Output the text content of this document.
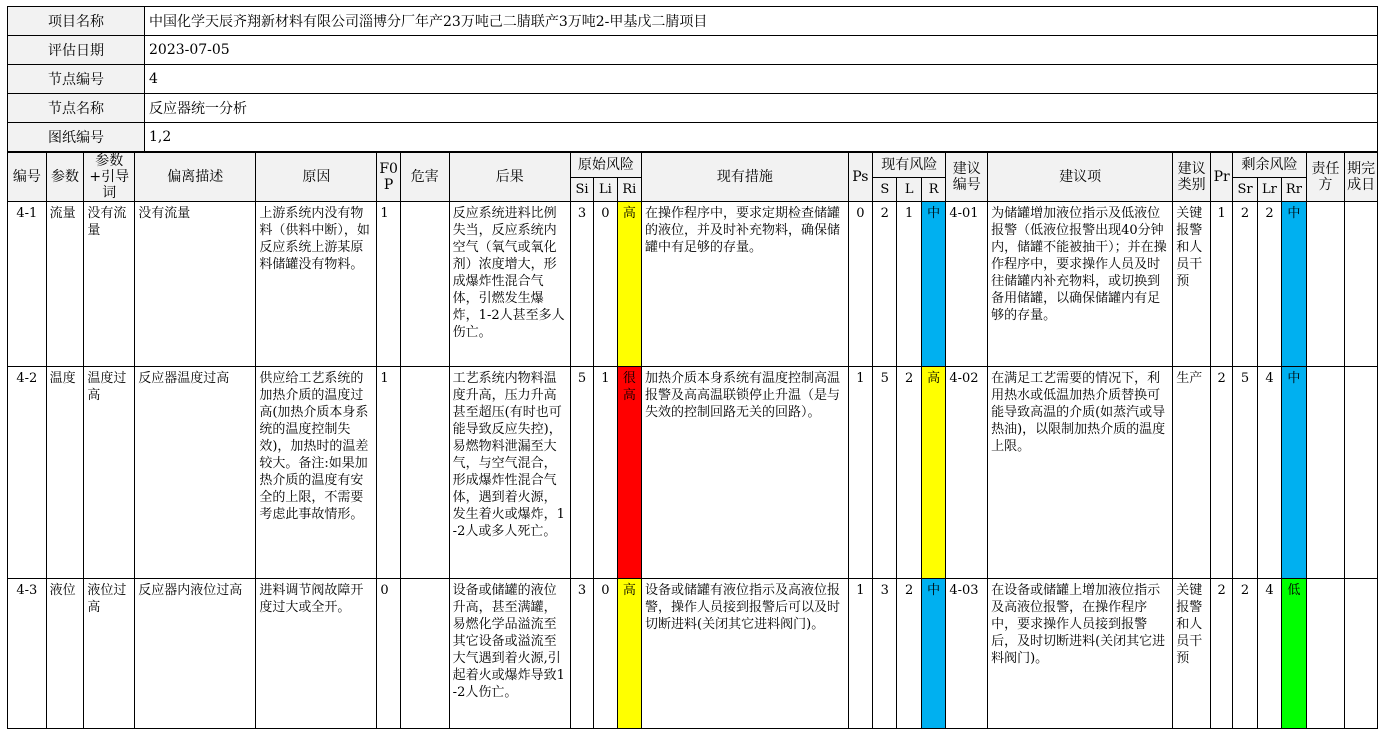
项目名称	中国化学天辰齐翔新材料有限公司淄博分厂年产23万吨己二腈联产3万吨2-甲基戊二腈项目
评估日期	2023-07-05
节点编号	4
节点名称	反应器统一分析
图纸编号	1,2
编号	参数	参数+引导词	偏离描述	原因	F0P	危害	后果	原始风险			现有措施	Ps	现有风险			建议编号	建议项	建议类别	Pr	剩余风险			责任方	期完成日
								Si	Li	Ri			S	L	R					Sr	Lr	Rr		
4-1	流量	没有流量	没有流量	上游系统内没有物料（供料中断），如反应系统上游某原料储罐没有物料。	1		反应系统进料比例失当，反应系统内空气（氧气或氧化剂）浓度增大，形成爆炸性混合气体，引燃发生爆炸，1-2人甚至多人伤亡。	3	0	高	在操作程序中，要求定期检查储罐的液位，并及时补充物料，确保储罐中有足够的存量。	0	2	1	中	4-01	为储罐增加液位指示及低液位报警（低液位报警出现40分钟内，储罐不能被抽干）；并在操作程序中，要求操作人员及时往储罐内补充物料，或切换到备用储罐，以确保储罐内有足够的存量。	关键报警和人员干预	1	2	2	中		
4-2	温度	温度过高	反应器温度过高	供应给工艺系统的加热介质的温度过高(加热介质本身系统的温度控制失效)，加热时的温差较大。备注:如果加热介质的温度有安全的上限，不需要考虑此事故情形。	1		工艺系统内物料温度升高，压力升高甚至超压(有时也可能导致反应失控)，易燃物料泄漏至大气，与空气混合，形成爆炸性混合气体，遇到着火源，发生着火或爆炸，1-2人或多人死亡。	5	1	很高	加热介质本身系统有温度控制高温报警及高高温联锁停止升温（是与失效的控制回路无关的回路）。	1	5	2	高	4-02	在满足工艺需要的情况下，利用热水或低温加热介质替换可能导致高温的介质(如蒸汽或导热油)，以限制加热介质的温度上限。	生产	2	5	4	中		
4-3	液位	液位过高	反应器内液位过高	进料调节阀故障开度过大或全开。	0		设备或储罐的液位升高，甚至满罐，易燃化学品溢流至其它设备或溢流至大气遇到着火源,引起着火或爆炸导致1-2人伤亡。	3	0	高	设备或储罐有液位指示及高液位报警，操作人员接到报警后可以及时切断进料(关闭其它进料阀门)。	1	3	2	中	4-03	在设备或储罐上增加液位指示及高液位报警，在操作程序中，要求操作人员接到报警后，及时切断进料(关闭其它进料阀门)。	关键报警和人员干预	2	2	4	低		
